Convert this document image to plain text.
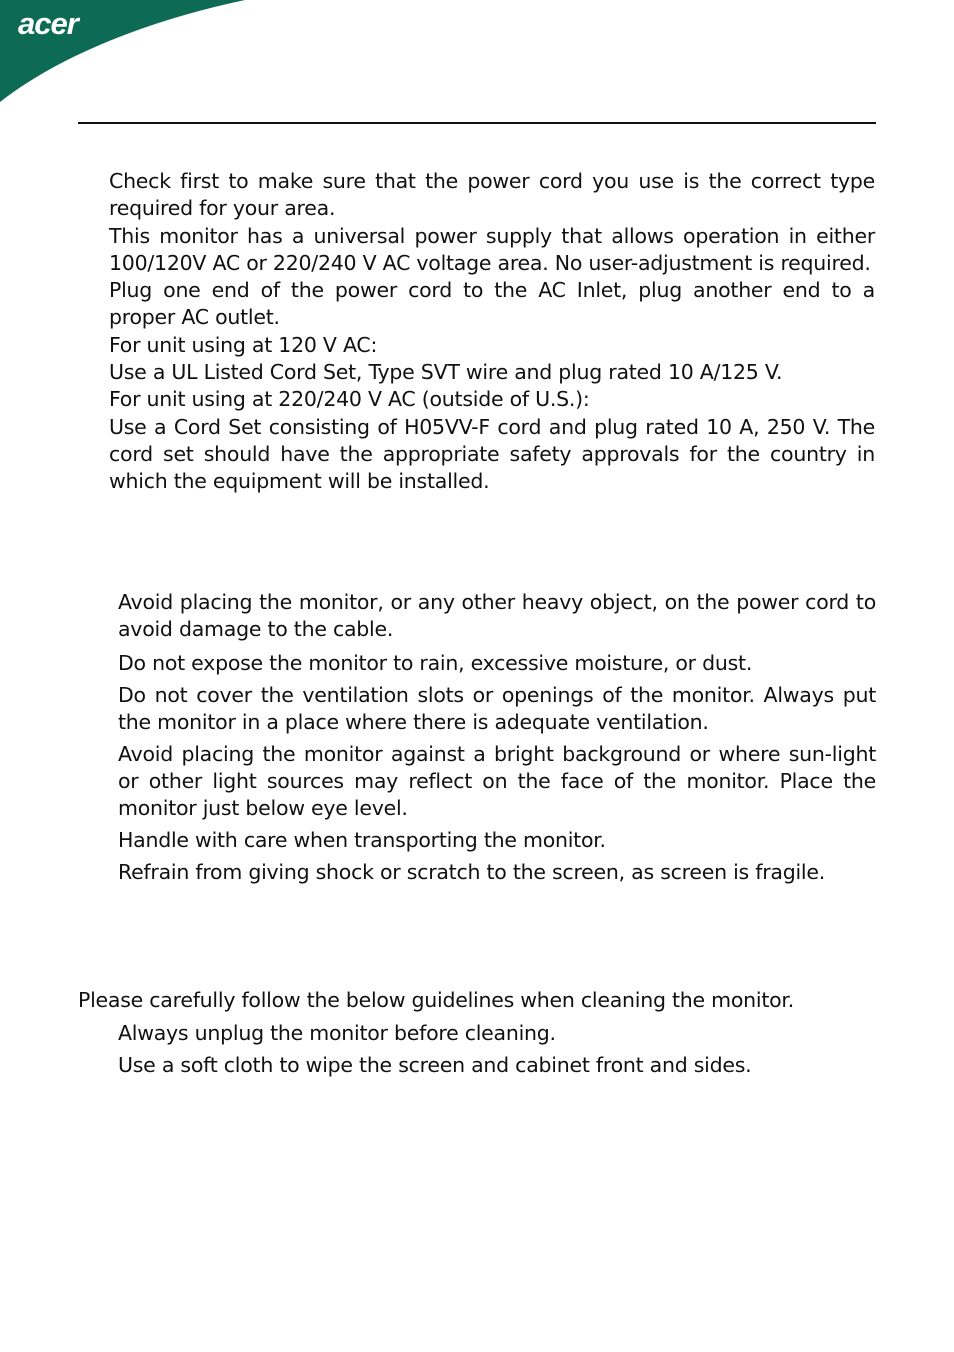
acer

Check first to make sure that the power cord you use is the correct type required for your area.

This monitor has a universal power supply that allows operation in either 100/120V AC or 220/240 V AC voltage area. No user-adjustment is required.

Plug one end of the power cord to the AC Inlet, plug another end to a proper AC outlet.

For unit using at 120 V AC:

Use a UL Listed Cord Set, Type SVT wire and plug rated 10 A/125 V.

For unit using at 220/240 V AC (outside of U.S.):

Use a Cord Set consisting of H05VV-F cord and plug rated 10 A, 250 V. The cord set should have the appropriate safety approvals for the country in which the equipment will be installed.

Avoid placing the monitor, or any other heavy object, on the power cord to avoid damage to the cable.
Do not expose the monitor to rain, excessive moisture, or dust.
Do not cover the ventilation slots or openings of the monitor. Always put the monitor in a place where there is adequate ventilation.
Avoid placing the monitor against a bright background or where sun-light or other light sources may reflect on the face of the monitor. Place the monitor just below eye level.
Handle with care when transporting the monitor.
Refrain from giving shock or scratch to the screen, as screen is fragile.

Please carefully follow the below guidelines when cleaning the monitor.

Always unplug the monitor before cleaning.
Use a soft cloth to wipe the screen and cabinet front and sides.
